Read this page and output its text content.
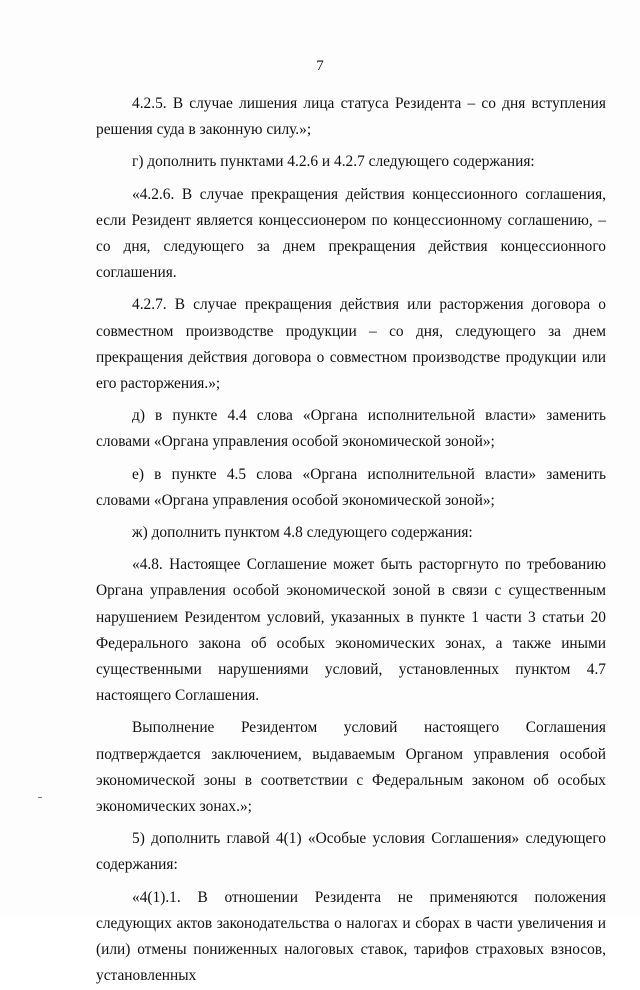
7

4.2.5. В случае лишения лица статуса Резидента – со дня вступления решения суда в законную силу.»;

г) дополнить пунктами 4.2.6 и 4.2.7 следующего содержания:

«4.2.6. В случае прекращения действия концессионного соглашения, если Резидент является концессионером по концессионному соглашению, – со дня, следующего за днем прекращения действия концессионного соглашения.

4.2.7. В случае прекращения действия или расторжения договора о совместном производстве продукции – со дня, следующего за днем прекращения действия договора о совместном производстве продукции или его расторжения.»;

д) в пункте 4.4 слова «Органа исполнительной власти» заменить словами «Органа управления особой экономической зоной»;

е) в пункте 4.5 слова «Органа исполнительной власти» заменить словами «Органа управления особой экономической зоной»;

ж) дополнить пунктом 4.8 следующего содержания:

«4.8. Настоящее Соглашение может быть расторгнуто по требованию Органа управления особой экономической зоной в связи с существенным нарушением Резидентом условий, указанных в пункте 1 части 3 статьи 20 Федерального закона об особых экономических зонах, а также иными существенными нарушениями условий, установленных пунктом 4.7 настоящего Соглашения.

Выполнение Резидентом условий настоящего Соглашения подтверждается заключением, выдаваемым Органом управления особой экономической зоны в соответствии с Федеральным законом об особых экономических зонах.»;

5) дополнить главой 4(1) «Особые условия Соглашения» следующего содержания:

«4(1).1. В отношении Резидента не применяются положения следующих актов законодательства о налогах и сборах в части увеличения и (или) отмены пониженных налоговых ставок, тарифов страховых взносов, установленных
